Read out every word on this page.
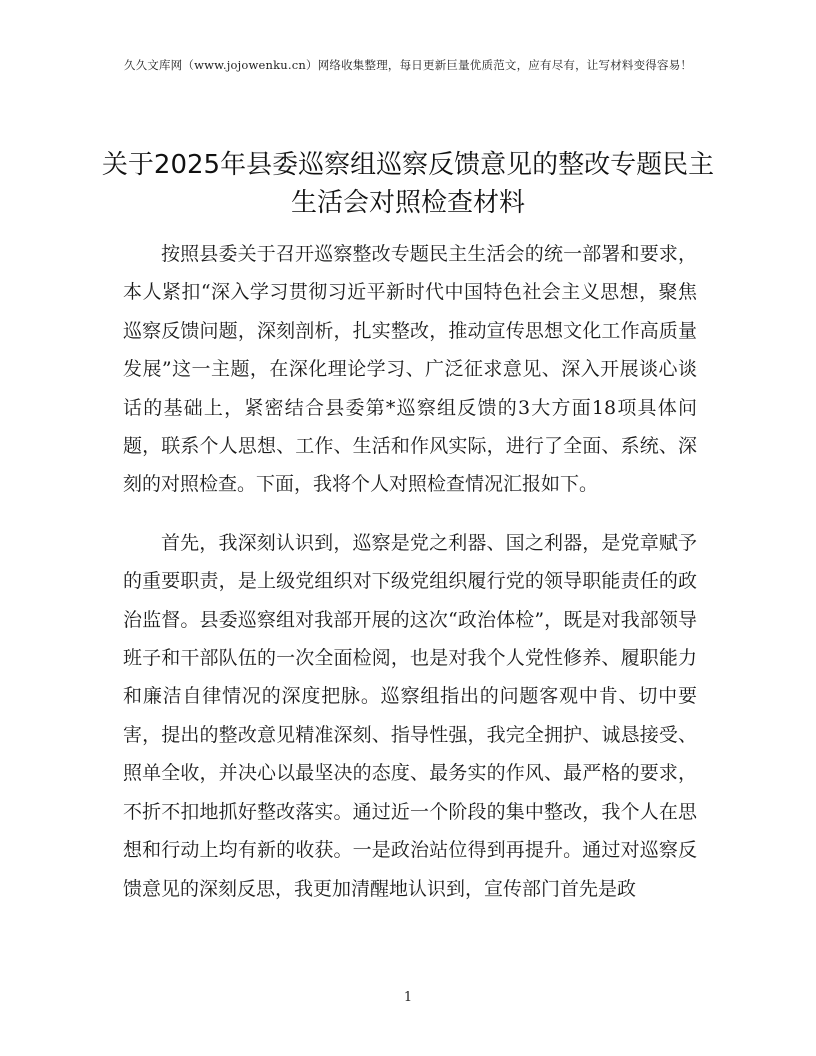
久久文库网（www.jojowenku.cn）网络收集整理，每日更新巨量优质范文，应有尽有，让写材料变得容易！
关于2025年县委巡察组巡察反馈意见的整改专题民主生活会对照检查材料

按照县委关于召开巡察整改专题民主生活会的统一部署和要求，本人紧扣“深入学习贯彻习近平新时代中国特色社会主义思想，聚焦巡察反馈问题，深刻剖析，扎实整改，推动宣传思想文化工作高质量发展”这一主题，在深化理论学习、广泛征求意见、深入开展谈心谈话的基础上，紧密结合县委第*巡察组反馈的3大方面18项具体问题，联系个人思想、工作、生活和作风实际，进行了全面、系统、深刻的对照检查。下面，我将个人对照检查情况汇报如下。

首先，我深刻认识到，巡察是党之利器、国之利器，是党章赋予的重要职责，是上级党组织对下级党组织履行党的领导职能责任的政治监督。县委巡察组对我部开展的这次“政治体检”，既是对我部领导班子和干部队伍的一次全面检阅，也是对我个人党性修养、履职能力和廉洁自律情况的深度把脉。巡察组指出的问题客观中肯、切中要害，提出的整改意见精准深刻、指导性强，我完全拥护、诚恳接受、照单全收，并决心以最坚决的态度、最务实的作风、最严格的要求，不折不扣地抓好整改落实。通过近一个阶段的集中整改，我个人在思想和行动上均有新的收获。一是政治站位得到再提升。通过对巡察反馈意见的深刻反思，我更加清醒地认识到，宣传部门首先是政

1
